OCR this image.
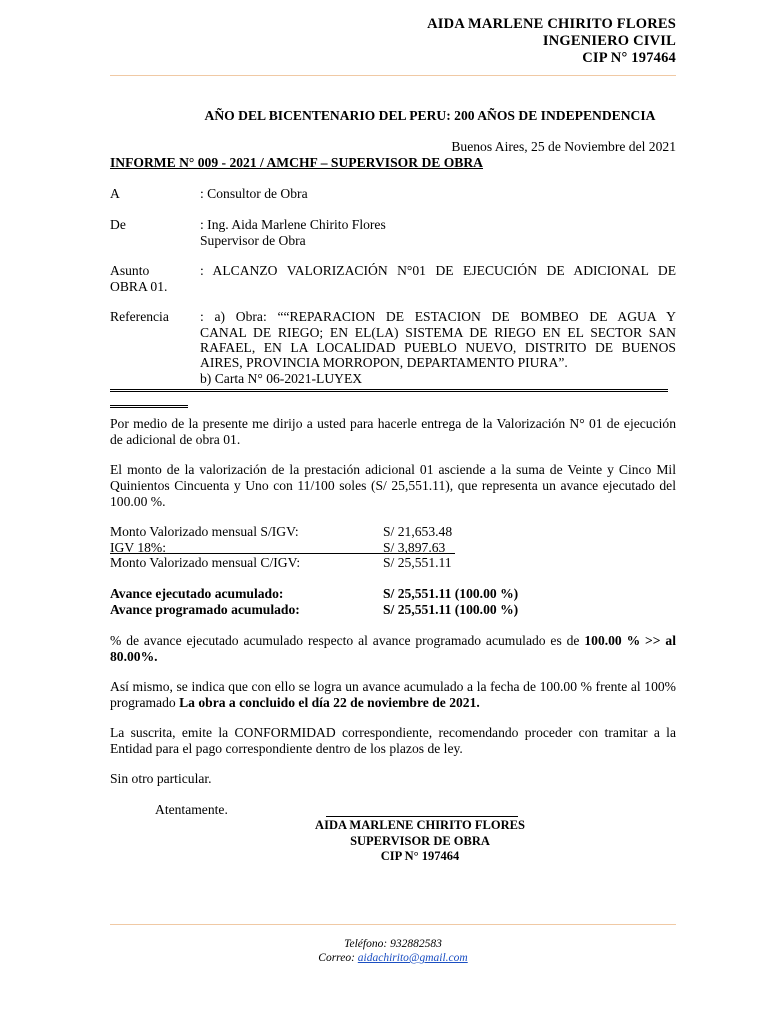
AIDA MARLENE CHIRITO FLORES
INGENIERO CIVIL
CIP N° 197464
AÑO DEL BICENTENARIO DEL PERU: 200 AÑOS DE INDEPENDENCIA
Buenos Aires, 25 de Noviembre del 2021
INFORME N° 009 - 2021 / AMCHF – SUPERVISOR DE OBRA
A	: Consultor de Obra
De	: Ing. Aida Marlene Chirito Flores
Supervisor de Obra
Asunto	: ALCANZO VALORIZACIÓN N°01 DE EJECUCIÓN DE ADICIONAL DE
OBRA 01.
Referencia : a) Obra: ““REPARACION DE ESTACION DE BOMBEO DE AGUA Y
CANAL DE RIEGO; EN EL(LA) SISTEMA DE RIEGO EN EL SECTOR SAN
RAFAEL, EN LA LOCALIDAD PUEBLO NUEVO, DISTRITO DE BUENOS
AIRES, PROVINCIA MORROPON, DEPARTAMENTO PIURA”.
b) Carta N° 06-2021-LUYEX
Por medio de la presente me dirijo a usted para hacerle entrega de la Valorización N° 01 de ejecución de adicional de obra 01.
El monto de la valorización de la prestación adicional 01 asciende a la suma de Veinte y Cinco Mil Quinientos Cincuenta y Uno con 11/100 soles (S/ 25,551.11), que representa un avance ejecutado del 100.00 %.
Monto Valorizado mensual S/IGV:	S/ 21,653.48
IGV 18%:	S/ 3,897.63
Monto Valorizado mensual C/IGV:	S/ 25,551.11
Avance ejecutado acumulado:	S/ 25,551.11 (100.00 %)
Avance programado acumulado:	S/ 25,551.11 (100.00 %)
% de avance ejecutado acumulado respecto al avance programado acumulado es de 100.00 % >> al 80.00%.
Así mismo, se indica que con ello se logra un avance acumulado a la fecha de 100.00 % frente al 100% programado La obra a concluido el día 22 de noviembre de 2021.
La suscrita, emite la CONFORMIDAD correspondiente, recomendando proceder con tramitar a la Entidad para el pago correspondiente dentro de los plazos de ley.
Sin otro particular.
Atentamente.
AIDA MARLENE CHIRITO FLORES
SUPERVISOR DE OBRA
CIP N° 197464
Teléfono: 932882583
Correo: aidachirito@gmail.com
